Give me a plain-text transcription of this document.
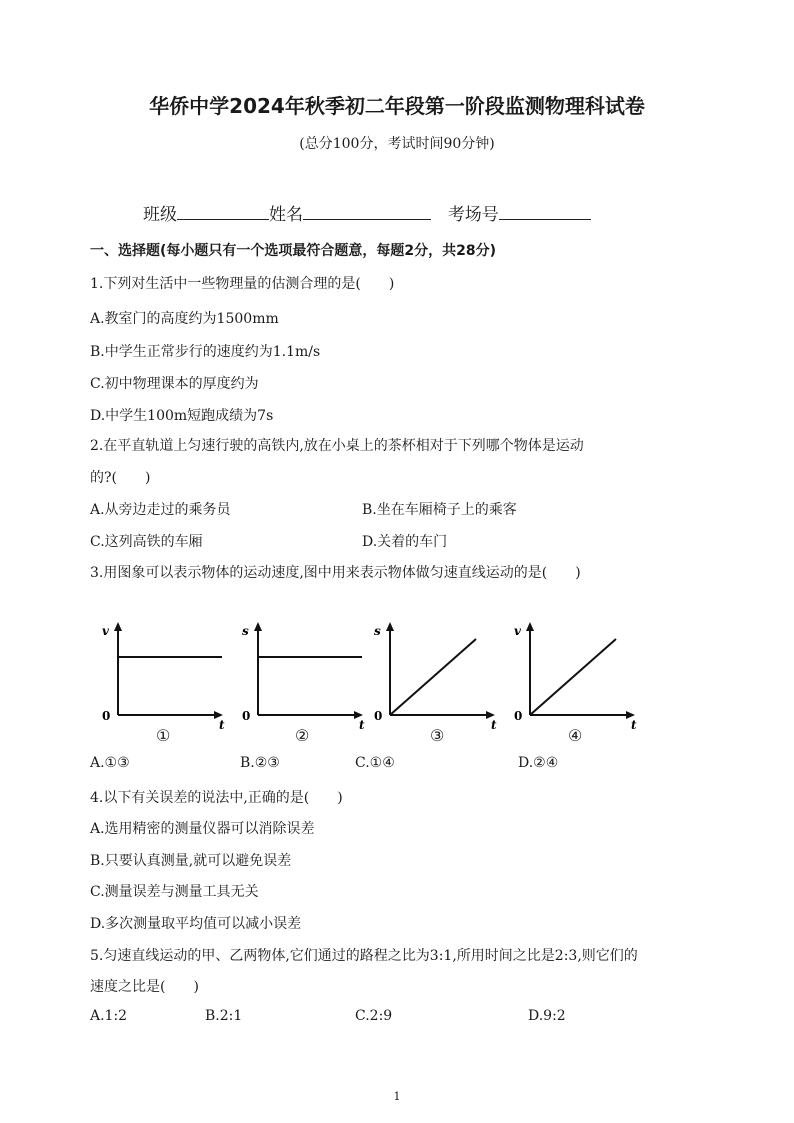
华侨中学2024年秋季初二年段第一阶段监测物理科试卷
(总分100分，考试时间90分钟)
班级	姓名	考场号
一、选择题(每小题只有一个选项最符合题意，每题2分，共28分)
1.下列对生活中一些物理量的估测合理的是(　　)
A.教室门的高度约为1500mm
B.中学生正常步行的速度约为1.1m/s
C.初中物理课本的厚度约为
D.中学生100m短跑成绩为7s
2.在平直轨道上匀速行驶的高铁内,放在小桌上的茶杯相对于下列哪个物体是运动
的?(　　)
A.从旁边走过的乘务员	B.坐在车厢椅子上的乘客
C.这列高铁的车厢	D.关着的车门
3.用图象可以表示物体的运动速度,图中用来表示物体做匀速直线运动的是(　　)
v
0
t
①
s
0
t
②
s
0
t
③
v
0
t
④
A.①③	B.②③	C.①④	D.②④
4.以下有关误差的说法中,正确的是(　　)
A.选用精密的测量仪器可以消除误差
B.只要认真测量,就可以避免误差
C.测量误差与测量工具无关
D.多次测量取平均值可以减小误差
5.匀速直线运动的甲、乙两物体,它们通过的路程之比为3:1,所用时间之比是2:3,则它们的
速度之比是(　　)
A.1:2	B.2:1	C.2:9	D.9:2
1
